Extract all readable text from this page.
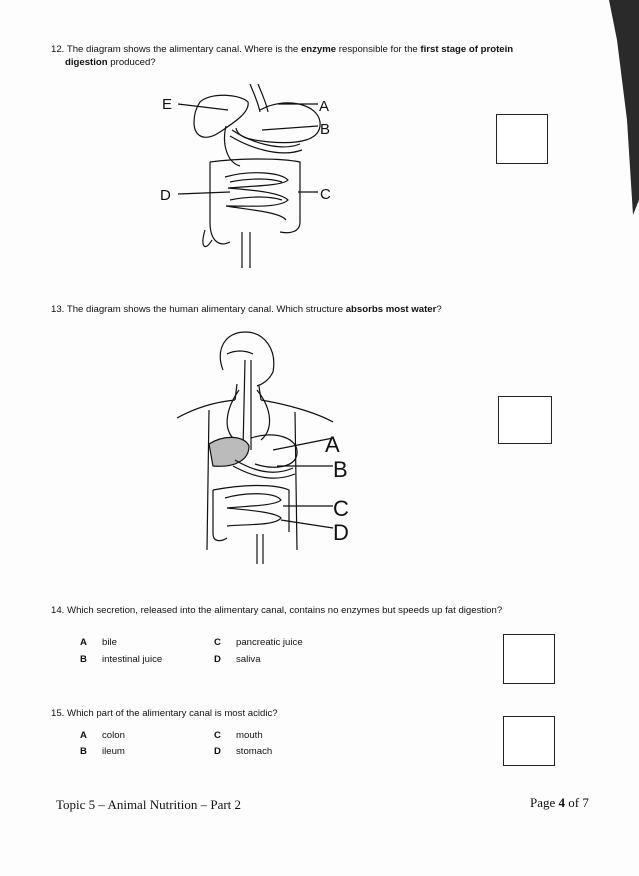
12. The diagram shows the alimentary canal. Where is the enzyme responsible for the first stage of protein
digestion produced?
E	A
B
D	C
13. The diagram shows the human alimentary canal. Which structure absorbs most water?
A
B
C
D
14. Which secretion, released into the alimentary canal, contains no enzymes but speeds up fat digestion?
A bile
B intestinal juice
C pancreatic juice
D saliva
15. Which part of the alimentary canal is most acidic?
A colon
B ileum
C mouth
D stomach
Topic 5 – Animal Nutrition – Part 2	Page 4 of 7
